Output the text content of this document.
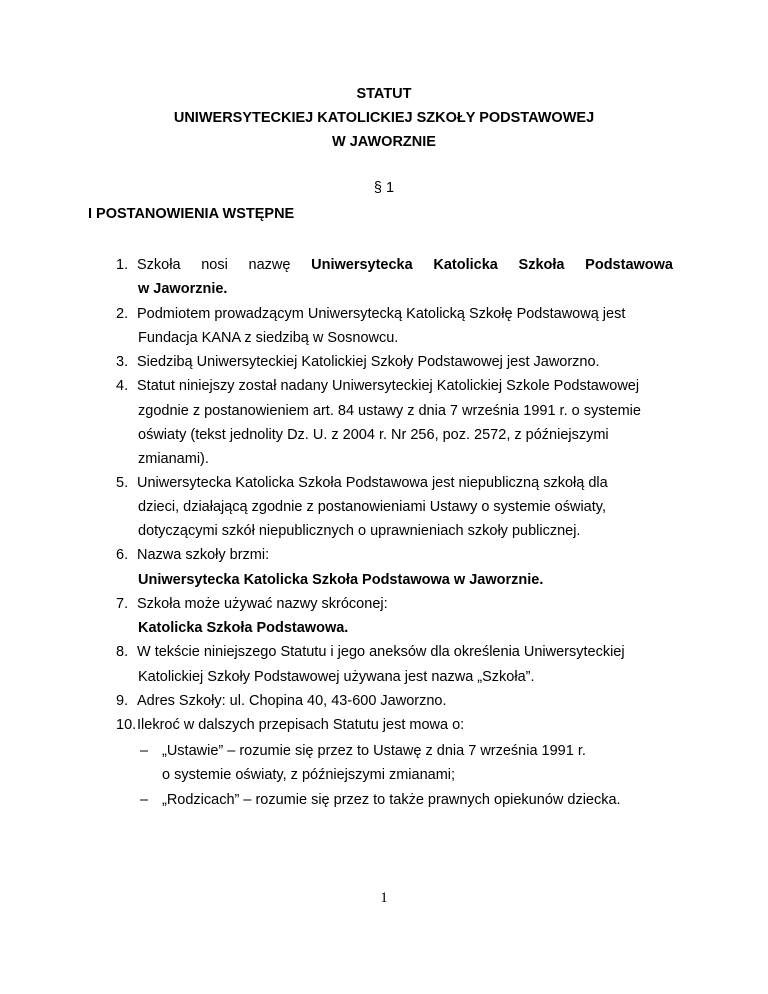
STATUT
UNIWERSYTECKIEJ KATOLICKIEJ SZKOŁY PODSTAWOWEJ
W JAWORZNIE
§ 1
I POSTANOWIENIA WSTĘPNE
1. Szkoła nosi nazwę Uniwersytecka Katolicka Szkoła Podstawowa
w Jaworznie.
2. Podmiotem prowadzącym Uniwersytecką Katolicką Szkołę Podstawową jest
Fundacja KANA z siedzibą w Sosnowcu.
3. Siedzibą Uniwersyteckiej Katolickiej Szkoły Podstawowej jest Jaworzno.
4. Statut niniejszy został nadany Uniwersyteckiej Katolickiej Szkole Podstawowej
zgodnie z postanowieniem art. 84 ustawy z dnia 7 września 1991 r. o systemie
oświaty (tekst jednolity Dz. U. z 2004 r. Nr 256, poz. 2572, z późniejszymi
zmianami).
5. Uniwersytecka Katolicka Szkoła Podstawowa jest niepubliczną szkołą dla
dzieci, działającą zgodnie z postanowieniami Ustawy o systemie oświaty,
dotyczącymi szkół niepublicznych o uprawnieniach szkoły publicznej.
6. Nazwa szkoły brzmi:
Uniwersytecka Katolicka Szkoła Podstawowa w Jaworznie.
7. Szkoła może używać nazwy skróconej:
Katolicka Szkoła Podstawowa.
8. W tekście niniejszego Statutu i jego aneksów dla określenia Uniwersyteckiej
Katolickiej Szkoły Podstawowej używana jest nazwa „Szkoła”.
9. Adres Szkoły: ul. Chopina 40, 43-600 Jaworzno.
10. Ilekroć w dalszych przepisach Statutu jest mowa o:
– „Ustawie” – rozumie się przez to Ustawę z dnia 7 września 1991 r.
o systemie oświaty, z późniejszymi zmianami;
– „Rodzicach” – rozumie się przez to także prawnych opiekunów dziecka.
1
